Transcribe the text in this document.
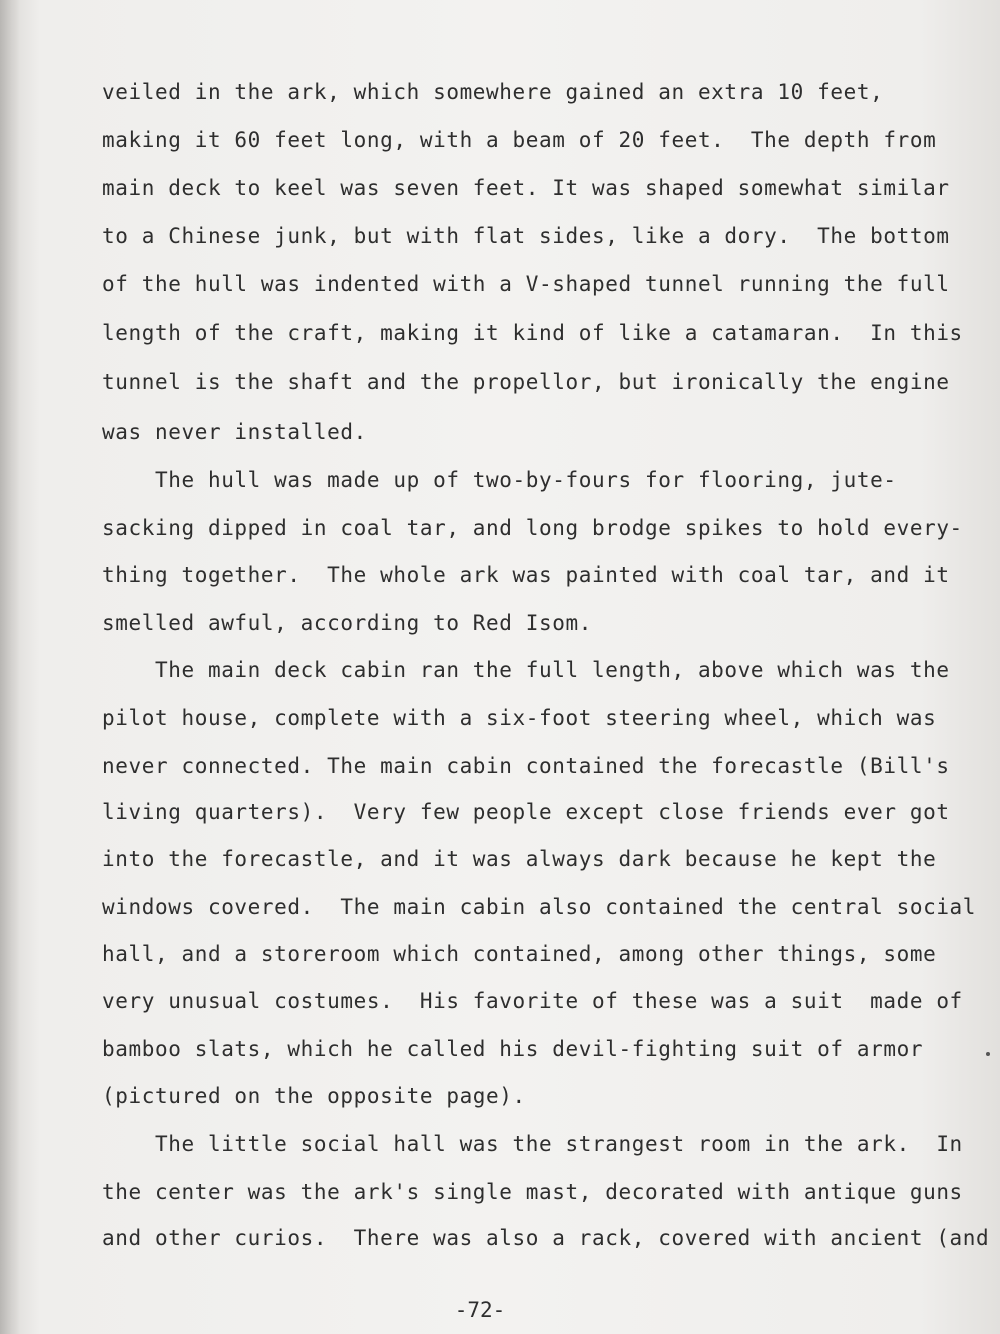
veiled in the ark, which somewhere gained an extra 10 feet,
making it 60 feet long, with a beam of 20 feet.  The depth from
main deck to keel was seven feet. It was shaped somewhat similar
to a Chinese junk, but with flat sides, like a dory.  The bottom
of the hull was indented with a V-shaped tunnel running the full
length of the craft, making it kind of like a catamaran.  In this
tunnel is the shaft and the propellor, but ironically the engine
was never installed.
The hull was made up of two-by-fours for flooring, jute-
sacking dipped in coal tar, and long brodge spikes to hold every-
thing together.  The whole ark was painted with coal tar, and it
smelled awful, according to Red Isom.
The main deck cabin ran the full length, above which was the
pilot house, complete with a six-foot steering wheel, which was
never connected. The main cabin contained the forecastle (Bill's
living quarters).  Very few people except close friends ever got
into the forecastle, and it was always dark because he kept the
windows covered.  The main cabin also contained the central social
hall, and a storeroom which contained, among other things, some
very unusual costumes.  His favorite of these was a suit  made of
bamboo slats, which he called his devil-fighting suit of armor
(pictured on the opposite page).
The little social hall was the strangest room in the ark.  In
the center was the ark's single mast, decorated with antique guns
and other curios.  There was also a rack, covered with ancient (and
-72-
